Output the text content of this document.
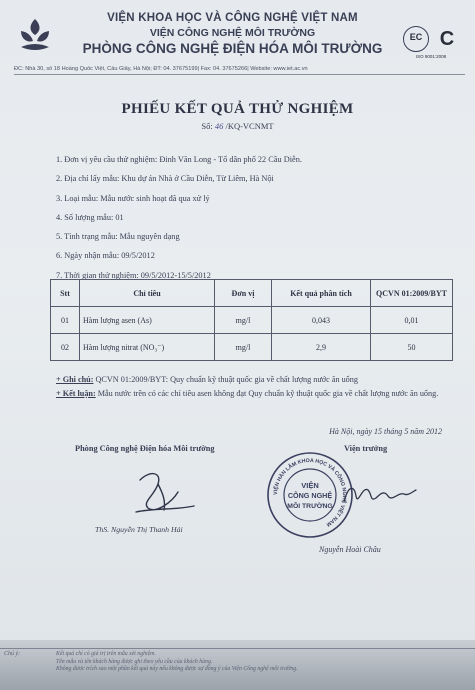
VIỆN KHOA HỌC VÀ CÔNG NGHỆ VIỆT NAM
VIỆN CÔNG NGHỆ MÔI TRƯỜNG
PHÒNG CÔNG NGHỆ ĐIỆN HÓA MÔI TRƯỜNG
EC C
ISO 9001:2008
ĐC: Nhà 30, số 18 Hoàng Quốc Việt, Cầu Giấy, Hà Nội; ĐT: 04. 37675199| Fax: 04. 37675266| Website: www.iet.ac.vn
PHIẾU KẾT QUẢ THỬ NGHIỆM
Số: 46 /KQ-VCNMT
1. Đơn vị yêu cầu thử nghiệm: Đinh Văn Long - Tổ dân phố 22 Cầu Diễn.
2. Địa chỉ lấy mẫu: Khu dự án Nhà ở Cầu Diễn, Từ Liêm, Hà Nội
3. Loại mẫu: Mẫu nước sinh hoạt đã qua xử lý
4. Số lượng mẫu: 01
5. Tình trạng mẫu: Mẫu nguyên dạng
6. Ngày nhận mẫu: 09/5/2012
7. Thời gian thử nghiệm: 09/5/2012-15/5/2012
Stt	Chỉ tiêu	Đơn vị	Kết quả phân tích	QCVN 01:2009/BYT
01	Hàm lượng asen (As)	mg/l	0,043	0,01
02	Hàm lượng nitrat (NO₃⁻)	mg/l	2,9	50
+ Ghi chú: QCVN 01:2009/BYT: Quy chuẩn kỹ thuật quốc gia về chất lượng nước ăn uống
+ Kết luận: Mẫu nước trên có các chỉ tiêu asen không đạt Quy chuẩn kỹ thuật quốc gia về chất lượng nước ăn uống.
Hà Nội, ngày 15 tháng 5 năm 2012
Phòng Công nghệ Điện hóa Môi trường	Viện trưởng
VIỆN HÀN LÂM KHOA HỌC VÀ CÔNG NGHỆ VIỆT NAM
VIỆN
CÔNG NGHỆ
MÔI TRƯỜNG
ThS. Nguyễn Thị Thanh Hải
Nguyễn Hoài Châu
Chú ý:	Kết quả chỉ có giá trị trên mẫu xét nghiệm.
Tên mẫu và tên khách hàng được ghi theo yêu cầu của khách hàng.
Không được trích sao một phần kết quả này nếu không được sự đồng ý của Viện Công nghệ môi trường.
